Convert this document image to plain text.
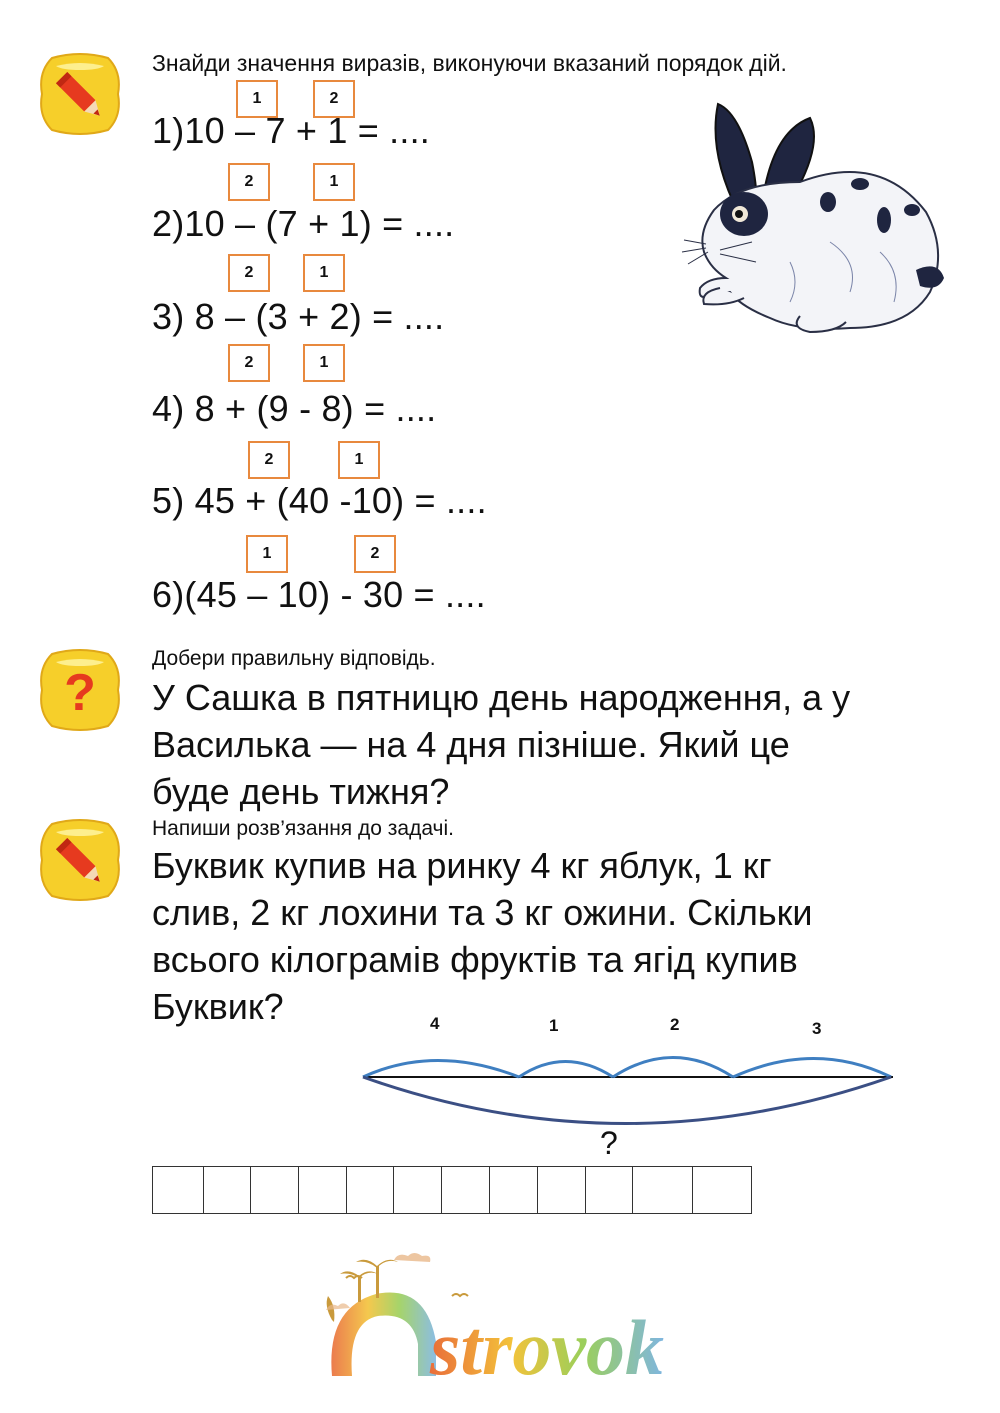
Знайди значення виразів, виконуючи вказаний порядок дій.
1	2
1)10 – 7 + 1 = ....
2	1
2)10 – (7 + 1) = ....
2	1
3) 8 – (3 + 2) = ....
2	1
4) 8 + (9 - 8) = ....
2	1
5) 45 + (40 -10) = ....
1	2
6)(45 – 10) - 30 = ....
?
Добери правильну відповідь.
У Сашка в пятницю день народження, а у
Василька — на 4 дня пізніше. Який це
буде день тижня?
Напиши розв’язання до задачі.
Буквик купив на ринку 4 кг яблук, 1 кг
слив, 2 кг лохини та 3 кг ожини. Скільки
всього кілограмів фруктів та ягід купив
Буквик?	4	1	2	3
?
strovok
